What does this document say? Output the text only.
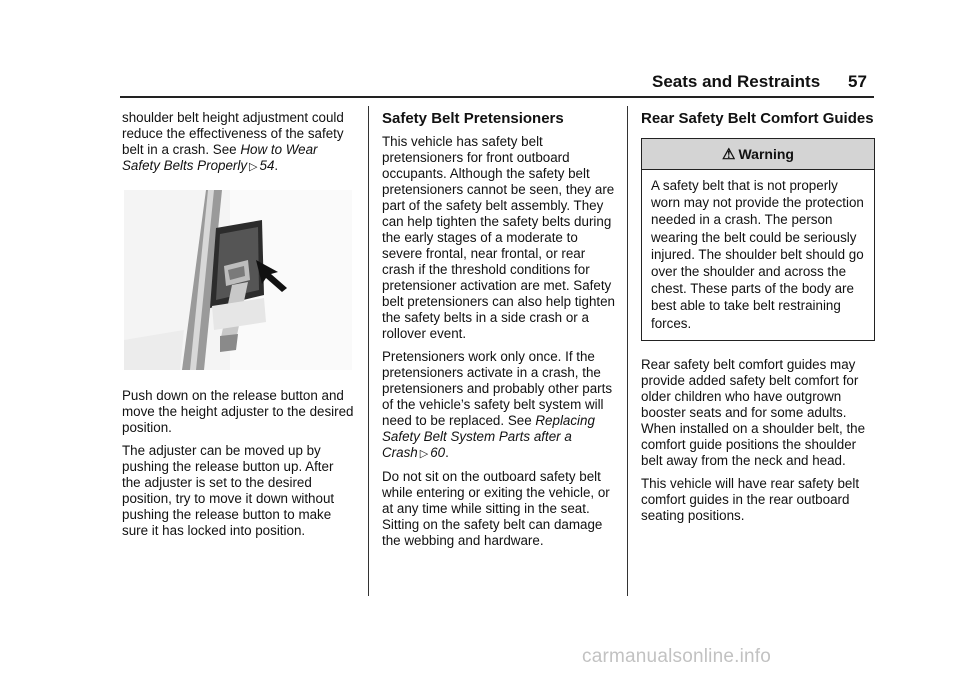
Seats and Restraints 57

shoulder belt height adjustment could reduce the effectiveness of the safety belt in a crash. See How to Wear Safety Belts Properly ▷ 54.

Push down on the release button and move the height adjuster to the desired position.

The adjuster can be moved up by pushing the release button up. After the adjuster is set to the desired position, try to move it down without pushing the release button to make sure it has locked into position.

Safety Belt Pretensioners

This vehicle has safety belt pretensioners for front outboard occupants. Although the safety belt pretensioners cannot be seen, they are part of the safety belt assembly. They can help tighten the safety belts during the early stages of a moderate to severe frontal, near frontal, or rear crash if the threshold conditions for pretensioner activation are met. Safety belt pretensioners can also help tighten the safety belts in a side crash or a rollover event.

Pretensioners work only once. If the pretensioners activate in a crash, the pretensioners and probably other parts of the vehicle’s safety belt system will need to be replaced. See Replacing Safety Belt System Parts after a Crash ▷ 60.

Do not sit on the outboard safety belt while entering or exiting the vehicle, or at any time while sitting in the seat. Sitting on the safety belt can damage the webbing and hardware.

Rear Safety Belt Comfort Guides
⚠ Warning
A safety belt that is not properly worn may not provide the protection needed in a crash. The person wearing the belt could be seriously injured. The shoulder belt should go over the shoulder and across the chest. These parts of the body are best able to take belt restraining forces.

Rear safety belt comfort guides may provide added safety belt comfort for older children who have outgrown booster seats and for some adults. When installed on a shoulder belt, the comfort guide positions the shoulder belt away from the neck and head.

This vehicle will have rear safety belt comfort guides in the rear outboard seating positions.

carmanualsonline.info
